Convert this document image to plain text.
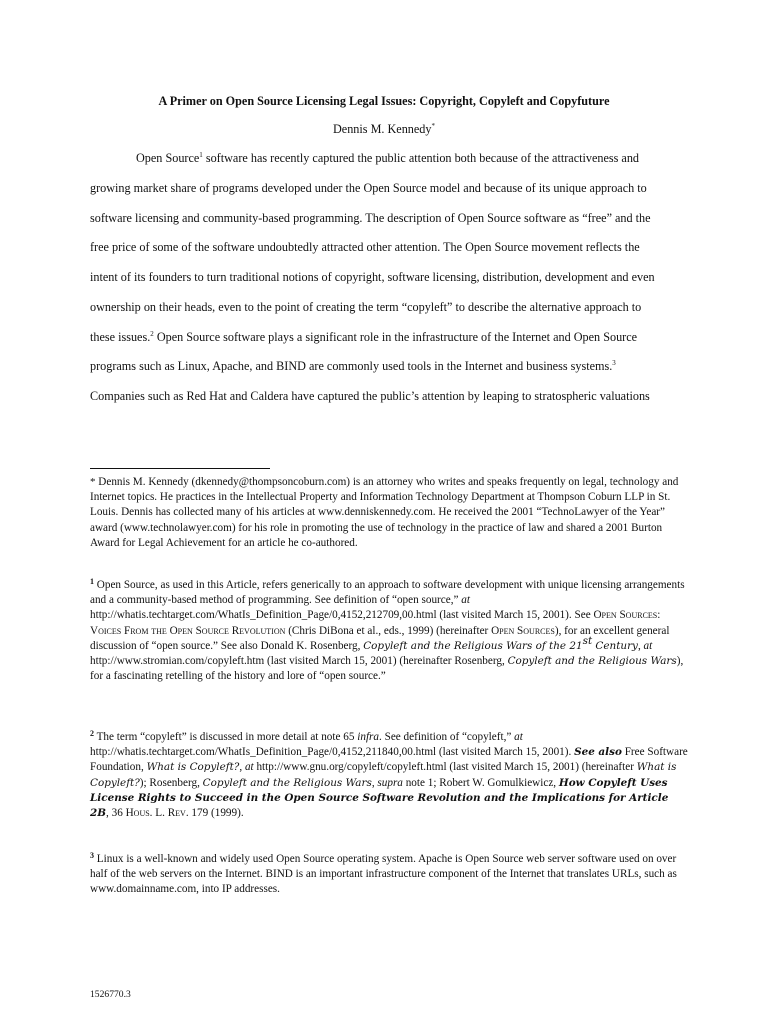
A Primer on Open Source Licensing Legal Issues: Copyright, Copyleft and Copyfuture
Dennis M. Kennedy*
Open Source$^1$ software has recently captured the public attention both because of the attractiveness and
growing market share of programs developed under the Open Source model and because of its unique approach to
software licensing and community-based programming. The description of Open Source software as “free” and the
free price of some of the software undoubtedly attracted other attention. The Open Source movement reflects the
intent of its founders to turn traditional notions of copyright, software licensing, distribution, development and even
ownership on their heads, even to the point of creating the term “copyleft” to describe the alternative approach to
these issues.$^2$ Open Source software plays a significant role in the infrastructure of the Internet and Open Source
programs such as Linux, Apache, and BIND are commonly used tools in the Internet and business systems.$^3$
Companies such as Red Hat and Caldera have captured the public’s attention by leaping to stratospheric valuations
* Dennis M. Kennedy (dkennedy@thompsoncoburn.com) is an attorney who writes and speaks frequently on legal, technology and Internet topics. He practices in the Intellectual Property and Information Technology Department at Thompson Coburn LLP in St. Louis. Dennis has collected many of his articles at www.denniskennedy.com. He received the 2001 “TechnoLawyer of the Year” award (www.technolawyer.com) for his role in promoting the use of technology in the practice of law and shared a 2001 Burton Award for Legal Achievement for an article he co-authored.
$^1$ Open Source, as used in this Article, refers generically to an approach to software development with unique licensing arrangements and a community-based method of programming. See definition of “open source,” at http://whatis.techtarget.com/WhatIs_Definition_Page/0,4152,212709,00.html (last visited March 15, 2001). See Open Sources: Voices From the Open Source Revolution (Chris DiBona et al., eds., 1999) (hereinafter Open Sources), for an excellent general discussion of “open source.” See also Donald K. Rosenberg, Copyleft and the Religious Wars of the 21st Century, at http://www.stromian.com/copyleft.htm (last visited March 15, 2001) (hereinafter Rosenberg, Copyleft and the Religious Wars), for a fascinating retelling of the history and lore of “open source.”
$^2$ The term “copyleft” is discussed in more detail at note 65 infra. See definition of “copyleft,” at http://whatis.techtarget.com/WhatIs_Definition_Page/0,4152,211840,00.html (last visited March 15, 2001). See also Free Software Foundation, What is Copyleft?, at http://www.gnu.org/copyleft/copyleft.html (last visited March 15, 2001) (hereinafter What is Copyleft?); Rosenberg, Copyleft and the Religious Wars, supra note 1; Robert W. Gomulkiewicz, How Copyleft Uses License Rights to Succeed in the Open Source Software Revolution and the Implications for Article 2B, 36 Hous. L. Rev. 179 (1999).
$^3$ Linux is a well-known and widely used Open Source operating system. Apache is Open Source web server software used on over half of the web servers on the Internet. BIND is an important infrastructure component of the Internet that translates URLs, such as www.domainname.com, into IP addresses.
1526770.3
